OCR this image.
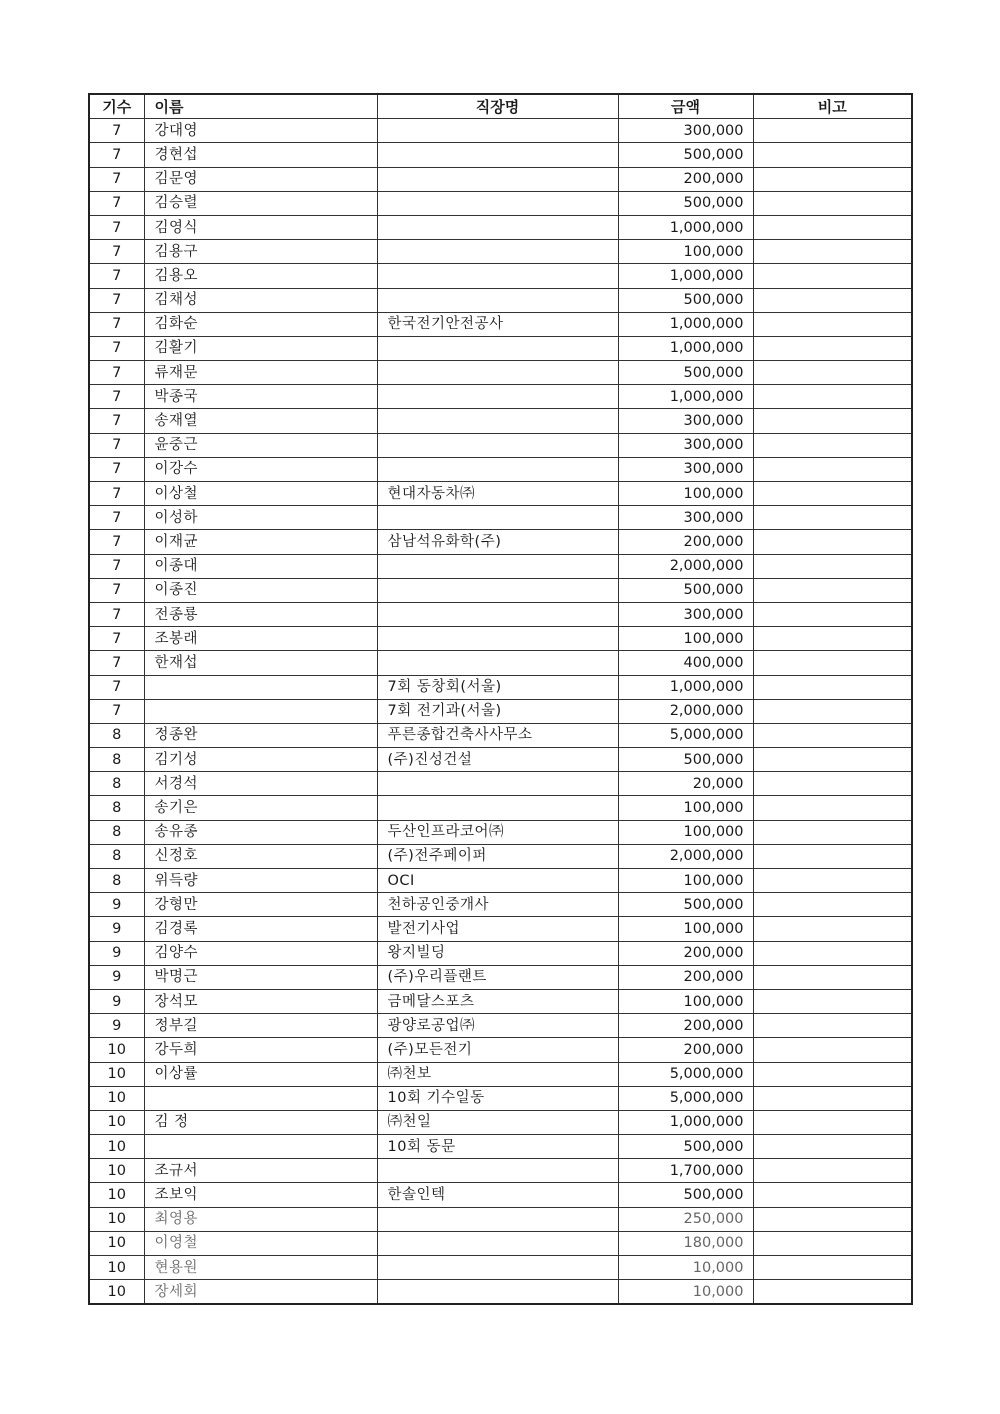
기수	이름	직장명	금액	비고
7	강대영		300,000	
7	경현섭		500,000	
7	김문영		200,000	
7	김승렬		500,000	
7	김영식		1,000,000	
7	김용구		100,000	
7	김용오		1,000,000	
7	김채성		500,000	
7	김화순	한국전기안전공사	1,000,000	
7	김활기		1,000,000	
7	류재문		500,000	
7	박종국		1,000,000	
7	송재열		300,000	
7	윤중근		300,000	
7	이강수		300,000	
7	이상철	현대자동차㈜	100,000	
7	이성하		300,000	
7	이재균	삼남석유화학(주)	200,000	
7	이종대		2,000,000	
7	이종진		500,000	
7	전종룡		300,000	
7	조봉래		100,000	
7	한재섭		400,000	
7		7회 동창회(서울)	1,000,000	
7		7회 전기과(서울)	2,000,000	
8	정종완	푸른종합건축사사무소	5,000,000	
8	김기성	(주)진성건설	500,000	
8	서경석		20,000	
8	송기은		100,000	
8	송유종	두산인프라코어㈜	100,000	
8	신정호	(주)전주페이퍼	2,000,000	
8	위득량	OCI	100,000	
9	강형만	천하공인중개사	500,000	
9	김경록	발전기사업	100,000	
9	김양수	왕지빌딩	200,000	
9	박명근	(주)우리플랜트	200,000	
9	장석모	금메달스포츠	100,000	
9	정부길	광양로공업㈜	200,000	
10	강두희	(주)모든전기	200,000	
10	이상률	㈜천보	5,000,000	
10		10회 기수일동	5,000,000	
10	김 정	㈜천일	1,000,000	
10		10회 동문	500,000	
10	조규서		1,700,000	
10	조보익	한솔인텍	500,000	
10	최영용		250,000	
10	이영철		180,000	
10	현용원		10,000	
10	장세회		10,000	
